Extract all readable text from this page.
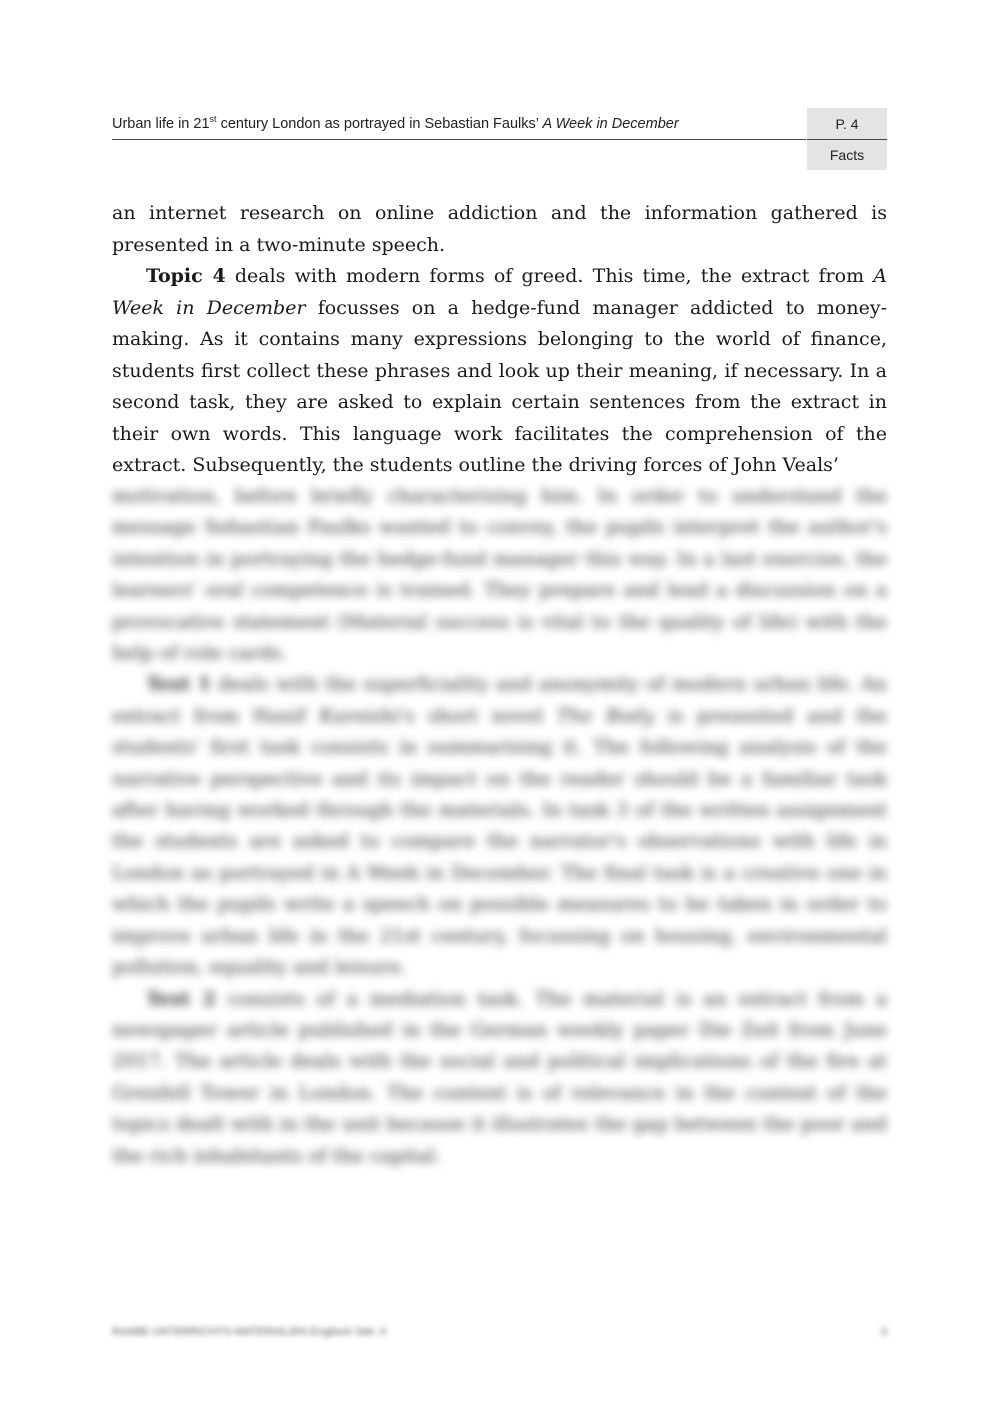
Urban life in 21st century London as portrayed in Sebastian Faulks’ A Week in December	P. 4
Facts

an internet research on online addiction and the information gathered is presented in a two-minute speech.

Topic 4 deals with modern forms of greed. This time, the extract from A Week in December focusses on a hedge-fund manager addicted to money-making. As it contains many expressions belonging to the world of finance, students first collect these phrases and look up their meaning, if necessary. In a second task, they are asked to explain certain sentences from the extract in their own words. This language work facilitates the comprehension of the extract. Subsequently, the students outline the driving forces of John Veals’

motivation, before briefly characterising him. In order to understand the message Sebastian Faulks wanted to convey, the pupils interpret the author's intention in portraying the hedge-fund manager this way. In a last exercise, the learners' oral competence is trained. They prepare and lead a discussion on a provocative statement (Material success is vital to the quality of life) with the help of role cards.

Text 1 deals with the superficiality and anonymity of modern urban life. An extract from Hanif Kureishi's short novel The Body is presented and the students' first task consists in summarising it. The following analysis of the narrative perspective and its impact on the reader should be a familiar task after having worked through the materials. In task 3 of the written assignment the students are asked to compare the narrator's observations with life in London as portrayed in A Week in December. The final task is a creative one in which the pupils write a speech on possible measures to be taken in order to improve urban life in the 21st century, focussing on housing, environmental pollution, equality and leisure.

Text 2 consists of a mediation task. The material is an extract from a newspaper article published in the German weekly paper Die Zeit from June 2017. The article deals with the social and political implications of the fire at Grenfell Tower in London. The content is of relevance in the context of the topics dealt with in the unit because it illustrates the gap between the poor and the rich inhabitants of the capital.

RAABE UNTERRICHTS-MATERIALIEN Englisch Sek. II	3
